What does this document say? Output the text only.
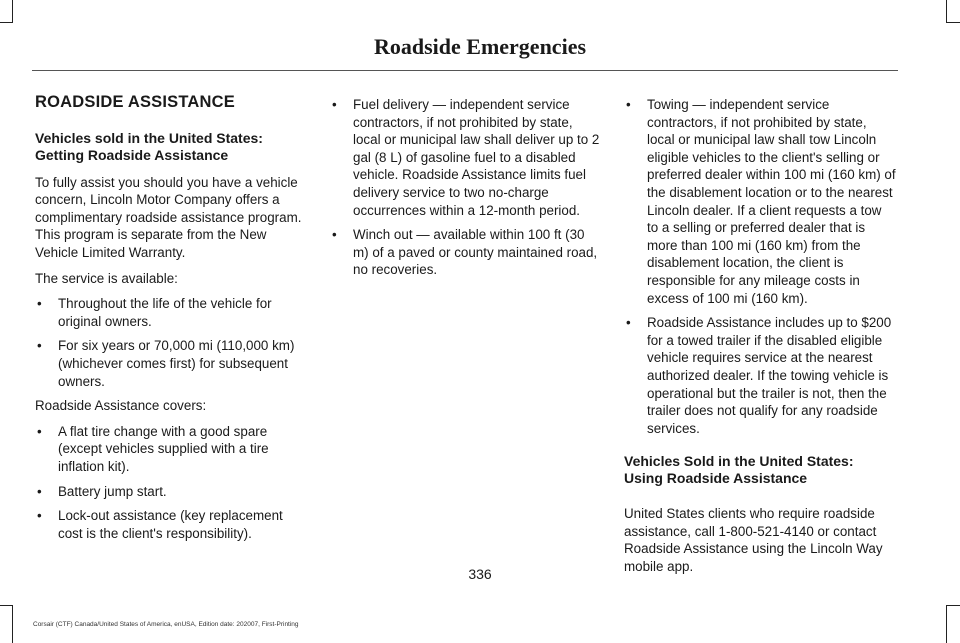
Roadside Emergencies
ROADSIDE ASSISTANCE
Vehicles sold in the United States:
Getting Roadside Assistance

To fully assist you should you have a vehicle concern, Lincoln Motor Company offers a complimentary roadside assistance program. This program is separate from the New Vehicle Limited Warranty.

The service is available:

• Throughout the life of the vehicle for original owners.
• For six years or 70,000 mi (110,000 km) (whichever comes first) for subsequent owners.

Roadside Assistance covers:

• A flat tire change with a good spare (except vehicles supplied with a tire inflation kit).
• Battery jump start.
• Lock-out assistance (key replacement cost is the client's responsibility).
• Fuel delivery — independent service contractors, if not prohibited by state, local or municipal law shall deliver up to 2 gal (8 L) of gasoline fuel to a disabled vehicle. Roadside Assistance limits fuel delivery service to two no-charge occurrences within a 12-month period.
• Winch out — available within 100 ft (30 m) of a paved or county maintained road, no recoveries.
• Towing — independent service contractors, if not prohibited by state, local or municipal law shall tow Lincoln eligible vehicles to the client's selling or preferred dealer within 100 mi (160 km) of the disablement location or to the nearest Lincoln dealer. If a client requests a tow to a selling or preferred dealer that is more than 100 mi (160 km) from the disablement location, the client is responsible for any mileage costs in excess of 100 mi (160 km).
• Roadside Assistance includes up to $200 for a towed trailer if the disabled eligible vehicle requires service at the nearest authorized dealer. If the towing vehicle is operational but the trailer is not, then the trailer does not qualify for any roadside services.
Vehicles Sold in the United States:
Using Roadside Assistance

United States clients who require roadside assistance, call 1-800-521-4140 or contact Roadside Assistance using the Lincoln Way mobile app.

336
Corsair (CTF) Canada/United States of America, enUSA, Edition date: 202007, First-Printing
